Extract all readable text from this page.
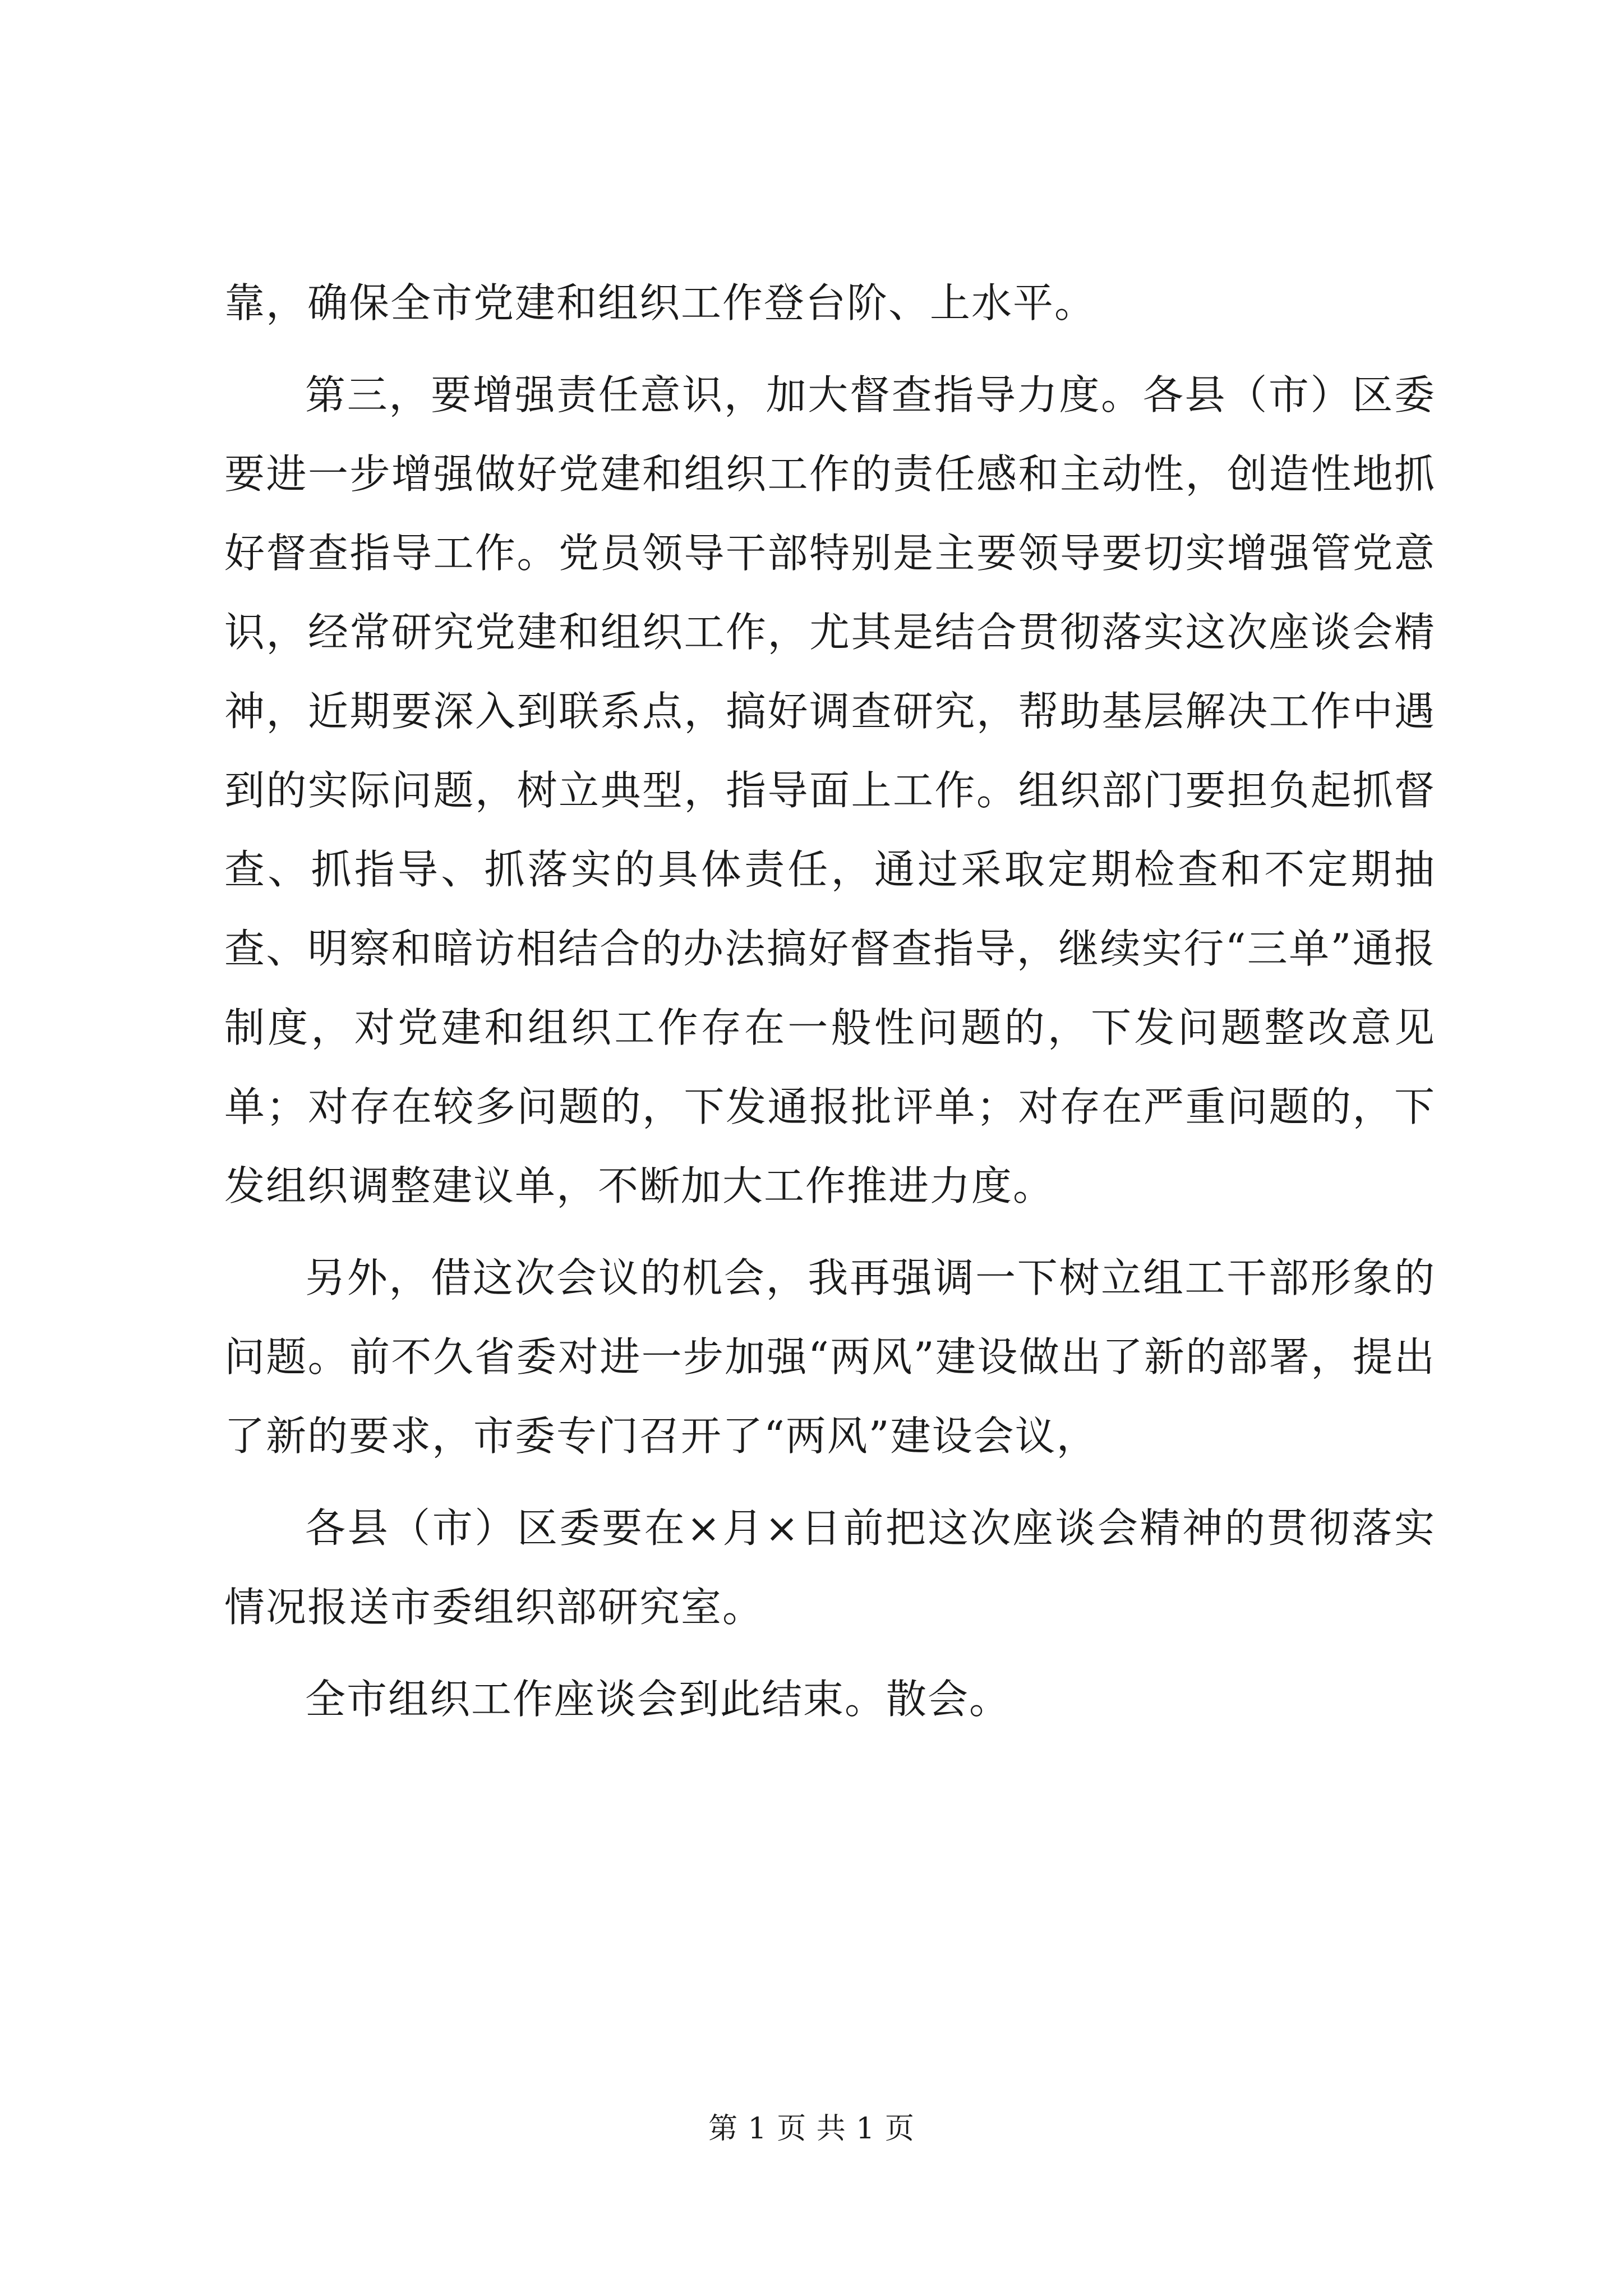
靠，确保全市党建和组织工作登台阶、上水平。

第三，要增强责任意识，加大督查指导力度。各县（市）区委要进一步增强做好党建和组织工作的责任感和主动性，创造性地抓好督查指导工作。党员领导干部特别是主要领导要切实增强管党意识，经常研究党建和组织工作，尤其是结合贯彻落实这次座谈会精神，近期要深入到联系点，搞好调查研究，帮助基层解决工作中遇到的实际问题，树立典型，指导面上工作。组织部门要担负起抓督查、抓指导、抓落实的具体责任，通过采取定期检查和不定期抽查、明察和暗访相结合的办法搞好督查指导，继续实行“三单”通报制度，对党建和组织工作存在一般性问题的，下发问题整改意见单；对存在较多问题的，下发通报批评单；对存在严重问题的，下发组织调整建议单，不断加大工作推进力度。

另外，借这次会议的机会，我再强调一下树立组工干部形象的问题。前不久省委对进一步加强“两风”建设做出了新的部署，提出了新的要求，市委专门召开了“两风”建设会议，

各县（市）区委要在×月×日前把这次座谈会精神的贯彻落实情况报送市委组织部研究室。

全市组织工作座谈会到此结束。散会。

第 1 页 共 1 页
